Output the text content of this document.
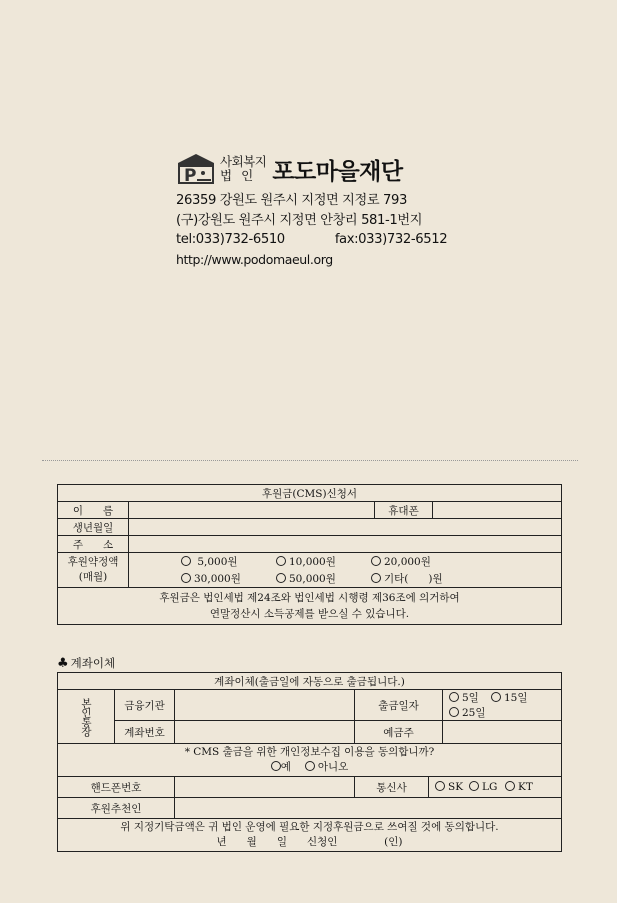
P
사회복지
법인 포도마을재단
26359 강원도 원주시 지정면 지정로 793
(구)강원도 원주시 지정면 안창리 581-1번지
tel:033)732-6510	fax:033)732-6512
http://www.podomaeul.org
후원금(CMS)신청서			
이      름		휴대폰	
생년월일			
주      소			

후원약정액
(매월)	5,000원 10,000원 20,000원		
	30,000원 50,000원 기타( )원		

후원금은 법인세법 제24조와 법인세법 시행령 제36조에 의거하여
연말정산시 소득공제를 받으실 수 있습니다.			
♣ 계좌이체
계좌이체(출금일에 자동으로 출금됩니다.)					

본인통장	금융기관		출금일자		5일 15일25일
	계좌번호		예금주		

* CMS 출금을 위한 개인정보수집 이용을 동의합니까?
예 아니오					

핸드폰번호			통신사	SK LG KT	
후원추천인					

위 지정기탁금액은 귀 법인 운영에 필요한 지정후원금으로 쓰여질 것에 동의합니다.
년      월      일      신청인              (인)					
